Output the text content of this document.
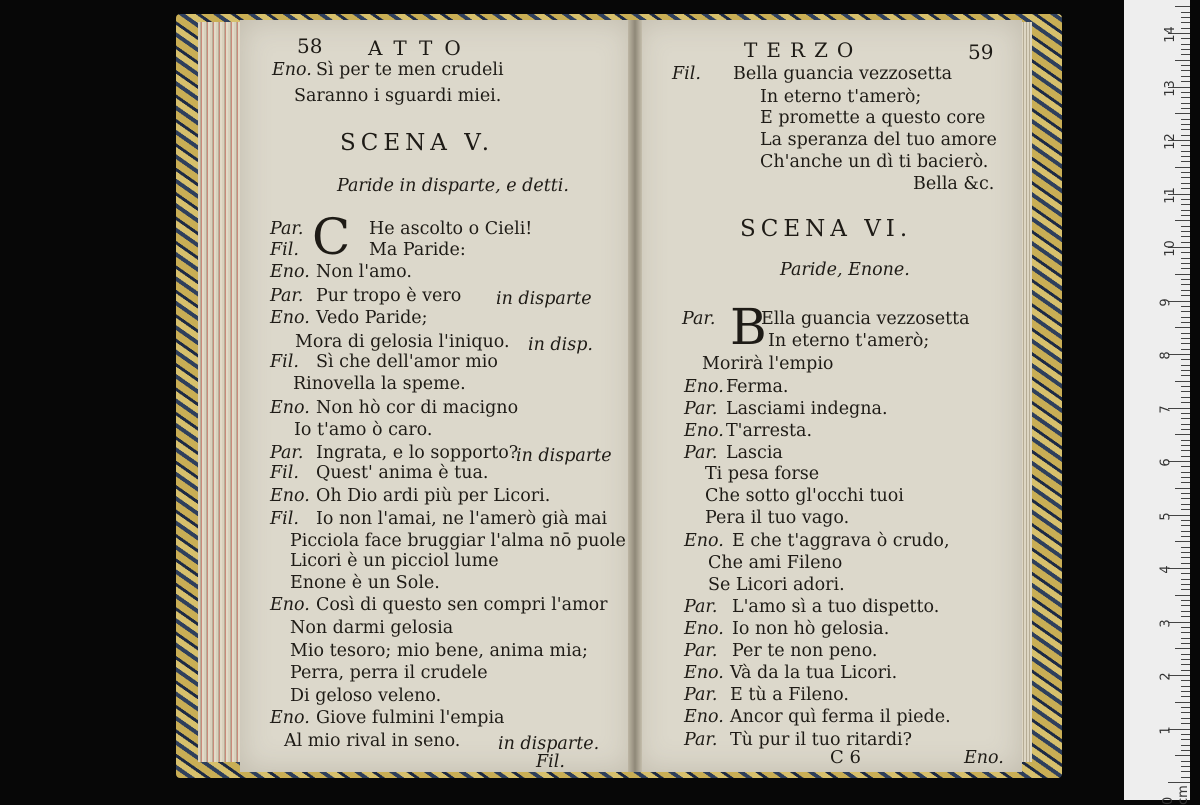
58 ATTO
Eno. Sì per te men crudeli
Saranno i sguardi miei.
SCENA V.
Paride in disparte, e detti.
C
Par.	He ascolto o Cieli!
Fil.	Ma Paride:
Eno. Non l'amo.
Par. Pur tropo è vero in disparte
Eno. Vedo Paride;
Mora di gelosia l'iniquo. in disp.
Fil. Sì che dell'amor mio
Rinovella la speme.
Eno. Non hò cor di macigno
Io t'amo ò caro.
Par. Ingrata, e lo sopporto?
in disparte
Fil. Quest' anima è tua.
Eno. Oh Dio ardi più per Licori.
Fil. Io non l'amai, ne l'amerò già mai
Picciola face bruggiar l'alma nō puole
Licori è un picciol lume
Enone è un Sole.
Eno. Così di questo sen compri l'amor
Non darmi gelosia
Mio tesoro; mio bene, anima mia;
Perra, perra il crudele
Di geloso veleno.
Eno. Giove fulmini l'empia
Al mio rival in seno. in disparte.
Fil.
TERZO	59
Fil. Bella guancia vezzosetta
In eterno t'amerò;
E promette a questo core
La speranza del tuo amore
Ch'anche un dì ti bacierò.
Bella &c.
SCENA VI.
Paride, Enone.
B
Par.	Ella guancia vezzosetta
In eterno t'amerò;
Morirà l'empio
Eno. Ferma.
Par. Lasciami indegna.
Eno. T'arresta.
Par. Lascia
Ti pesa forse
Che sotto gl'occhi tuoi
Pera il tuo vago.
Eno. E che t'aggrava ò crudo,
Che ami Fileno
Se Licori adori.
Par. L'amo sì a tuo dispetto.
Eno. Io non hò gelosia.
Par. Per te non peno.
Eno. Và da la tua Licori.
Par. E tù a Fileno.
Eno. Ancor quì ferma il piede.
Par. Tù pur il tuo ritardi?
C 6	Eno.
0 cm
1
2
3
4
5
6
7
8
9
10
11
12
13
14
